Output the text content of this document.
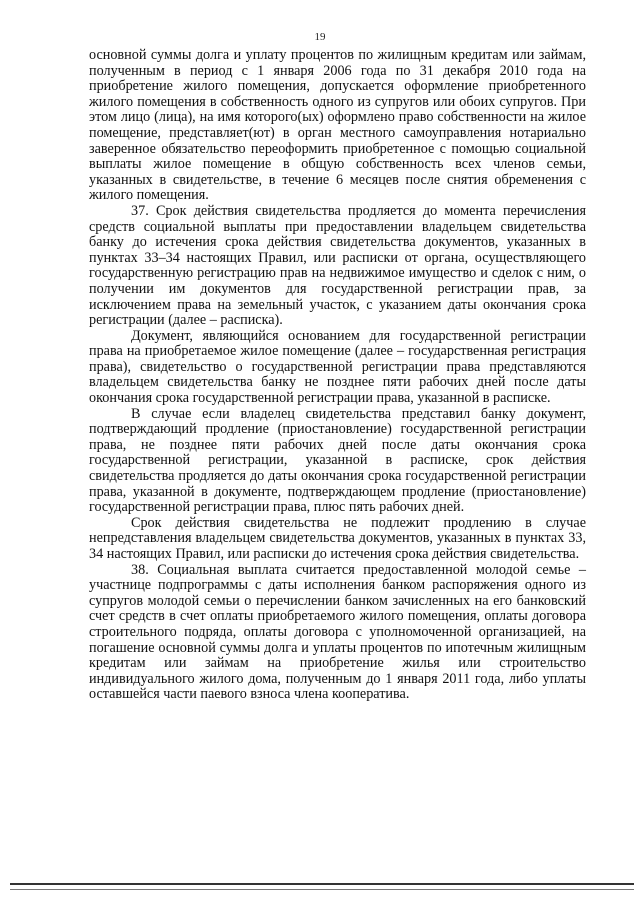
19

основной суммы долга и уплату процентов по жилищным кредитам или займам, полученным в период с 1 января 2006 года по 31 декабря 2010 года на приобретение жилого помещения, допускается оформление приобретенного жилого помещения в собственность одного из супругов или обоих супругов. При этом лицо (лица), на имя которого(ых) оформлено право собственности на жилое помещение, представляет(ют) в орган местного самоуправления нотариально заверенное обязательство переоформить приобретенное с помощью социальной выплаты жилое помещение в общую собственность всех членов семьи, указанных в свидетельстве, в течение 6 месяцев после снятия обременения с жилого помещения.

37. Срок действия свидетельства продляется до момента перечисления средств социальной выплаты при предоставлении владельцем свидетельства банку до истечения срока действия свидетельства документов, указанных в пунктах 33–34 настоящих Правил, или расписки от органа, осуществляющего государственную регистрацию прав на недвижимое имущество и сделок с ним, о получении им документов для государственной регистрации прав, за исключением права на земельный участок, с указанием даты окончания срока регистрации (далее – расписка).

Документ, являющийся основанием для государственной регистрации права на приобретаемое жилое помещение (далее – государственная регистрация права), свидетельство о государственной регистрации права представляются владельцем свидетельства банку не позднее пяти рабочих дней после даты окончания срока государственной регистрации права, указанной в расписке.

В случае если владелец свидетельства представил банку документ, подтверждающий продление (приостановление) государственной регистрации права, не позднее пяти рабочих дней после даты окончания срока государственной регистрации, указанной в расписке, срок действия свидетельства продляется до даты окончания срока государственной регистрации права, указанной в документе, подтверждающем продление (приостановление) государственной регистрации права, плюс пять рабочих дней.

Срок действия свидетельства не подлежит продлению в случае непредставления владельцем свидетельства документов, указанных в пунктах 33, 34 настоящих Правил, или расписки до истечения срока действия свидетельства.

38. Социальная выплата считается предоставленной молодой семье – участнице подпрограммы с даты исполнения банком распоряжения одного из супругов молодой семьи о перечислении банком зачисленных на его банковский счет средств в счет оплаты приобретаемого жилого помещения, оплаты договора строительного подряда, оплаты договора с уполномоченной организацией, на погашение основной суммы долга и уплаты процентов по ипотечным жилищным кредитам или займам на приобретение жилья или строительство индивидуального жилого дома, полученным до 1 января 2011 года, либо уплаты оставшейся части паевого взноса члена кооператива.
